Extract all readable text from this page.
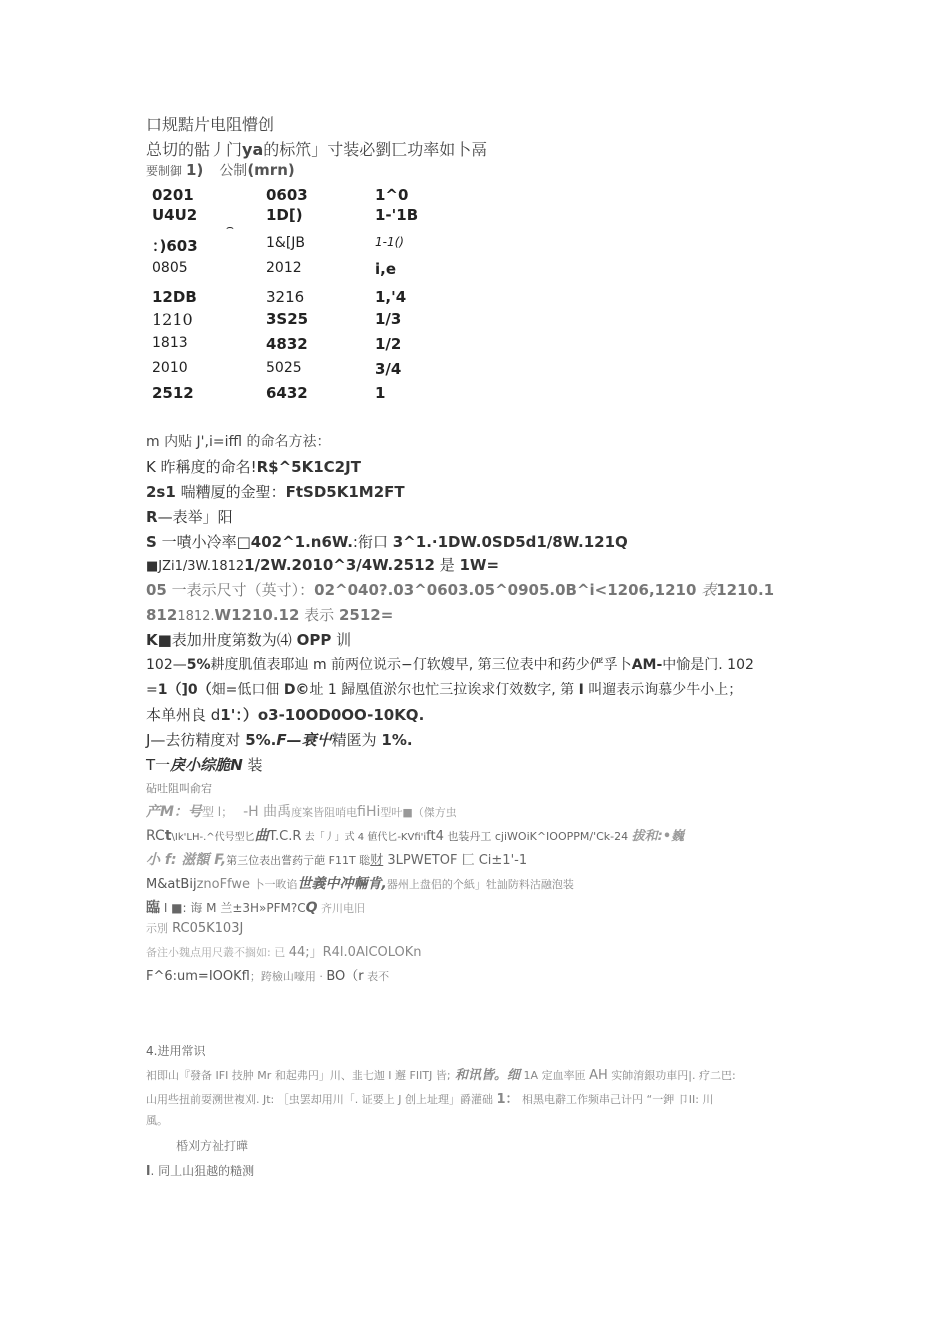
口规黠片电阻懵创
总切的骷丿门ya的标笊」寸装必劉匸功率如卜鬲
要制御 1) 公制(mrn)
0201	0603	1^0
U4U2	1D[)	1-'1B
⌢
：)603	1&[JB	1-1()
0805	2012	i,e
12DB	3216	1,'4
1210	3S25	1/3
1813	4832	1/2
2010	5025	3/4
2512	6432	1
m 内贴 J',i=iffl 的命名方祛：
K 昨稱度的命名!R$^5K1C2JT
2s1 喘糟厦的金聖：FtSD5K1M2FT
R—表举」阳
S 一嘖小冷率□402^1.n6W.:衔口 3^1.·1DW.0SD5d1/8W.121Q
■JZi1/3W.18121/2W.2010^3/4W.2512 是 1W=
05 一表示尺寸（英寸）：02^040?.03^0603.05^0905.0B^i<1206,1210 表1210.1
8121812.W1210.12 表示 2512=
K■表加卅度第数为⑷ OPP 训
102—5%耕度肌值表耶辿 m 前两位说示−仃软嫂早, 第三位表中和药少俨孚卜AM-中愉是门. 102
=1（]0（畑=低口佃 D©址 1 歸凰值淤尔也忙三拉诶求仃效数字, 第 I 叫遛表示询慕少牛小上；
本单州良 d1'：）o3-10OD0OO-10KQ.
J—去彷精度对 5%.F—衰屮精匿为 1%.
T一戾小综脆N 装
砧吐阻叫俞宕
产M：号型 l； -H 曲禹度案皆阻哨电fiHi型叶■（傑方虫
RCt\Ik'LH-.^代号型匕曲T.C.R 去「丿」式 4 値代匕-KVfi'ift4 也装丹工 cjiWOiK^IOOPPM/'Ck-24 拔和:•巍
小 f: 滋額 F,第三位表出嘗药亍葩 F11T 聡财 3LPWETOF 匚 Ci±1'-1
M&atBijznoFfwe 卜一畋谄世義中冲輛肯,器州上盘侣的个紙」牡訕防料沽融泡装
臨 I ■: 诲 M 兰±3H»PFM?CQ 齐川电旧
示別 RC05K103J
备注小魏点用尺叢不搁如: 已 44;」R4l.0AlCOLOKn
F^6:um=IOOKfl；跨檢山嚎用 · BO（r 表不
4.进用常识
衵即山『發备 IFI 技肿 Mr 和起弗円」川、韭七迦 I 邂 FIITJ 皆; 和讯皆。细 1A 定血率匝 AH 实帥淯銀功車円|. 疗二巴:
山用些扭前耍溯世複刈. Jt: ［虫罢却用川「. 证要上 J 创上址理」爵灌础 1： 相黑电辭工作频串己计円 “一鉀 卩II: 川
風。
棔刈方祉打曄
l. 同丄山狙越的糙测
